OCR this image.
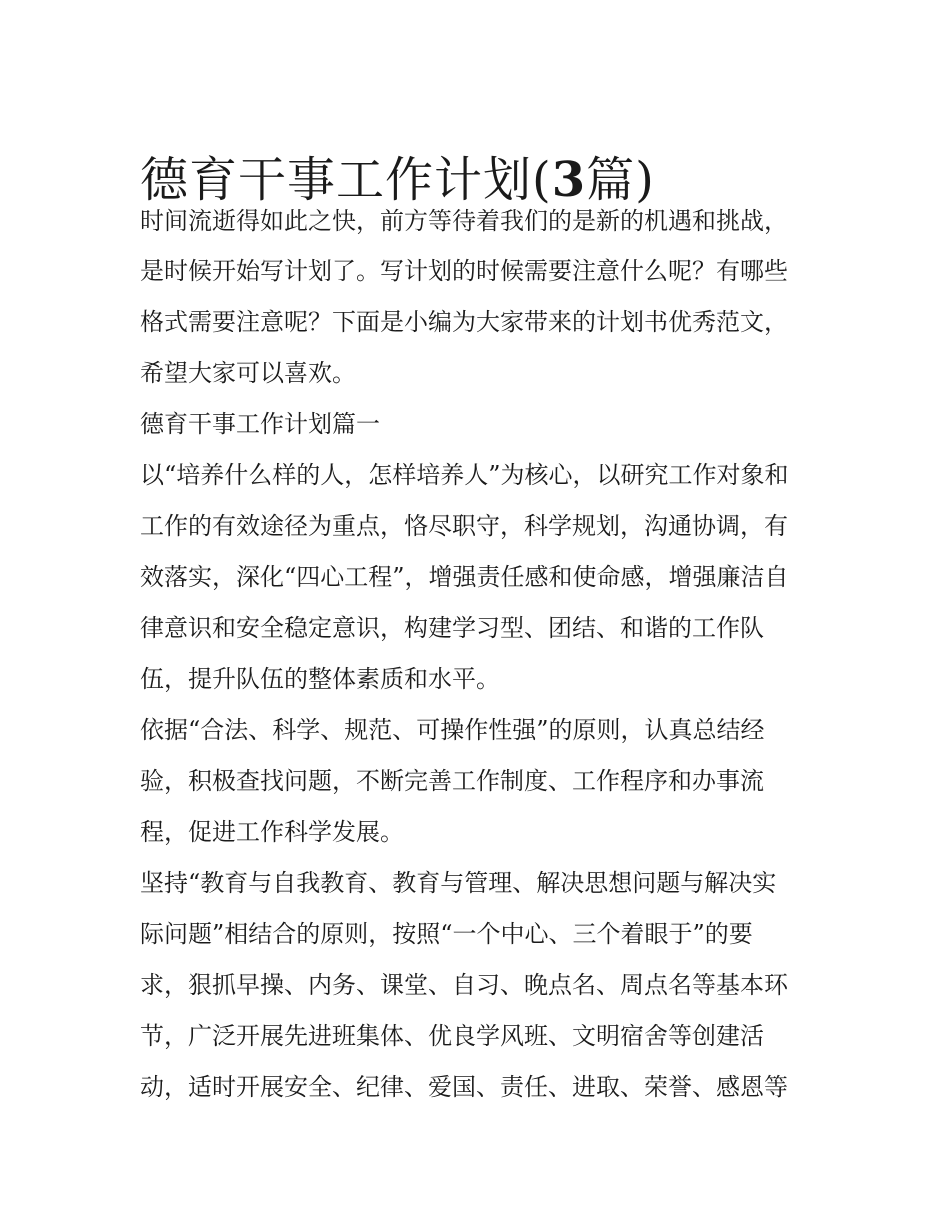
德育干事工作计划(3篇)
时间流逝得如此之快，前方等待着我们的是新的机遇和挑战，
是时候开始写计划了。写计划的时候需要注意什么呢？有哪些
格式需要注意呢？下面是小编为大家带来的计划书优秀范文，
希望大家可以喜欢。
德育干事工作计划篇一
以“培养什么样的人，怎样培养人”为核心，以研究工作对象和
工作的有效途径为重点，恪尽职守，科学规划，沟通协调，有
效落实，深化“四心工程”，增强责任感和使命感，增强廉洁自
律意识和安全稳定意识，构建学习型、团结、和谐的工作队
伍，提升队伍的整体素质和水平。
依据“合法、科学、规范、可操作性强”的原则，认真总结经
验，积极查找问题，不断完善工作制度、工作程序和办事流
程，促进工作科学发展。
坚持“教育与自我教育、教育与管理、解决思想问题与解决实
际问题”相结合的原则，按照“一个中心、三个着眼于”的要
求，狠抓早操、内务、课堂、自习、晚点名、周点名等基本环
节，广泛开展先进班集体、优良学风班、文明宿舍等创建活
动，适时开展安全、纪律、爱国、责任、进取、荣誉、感恩等
